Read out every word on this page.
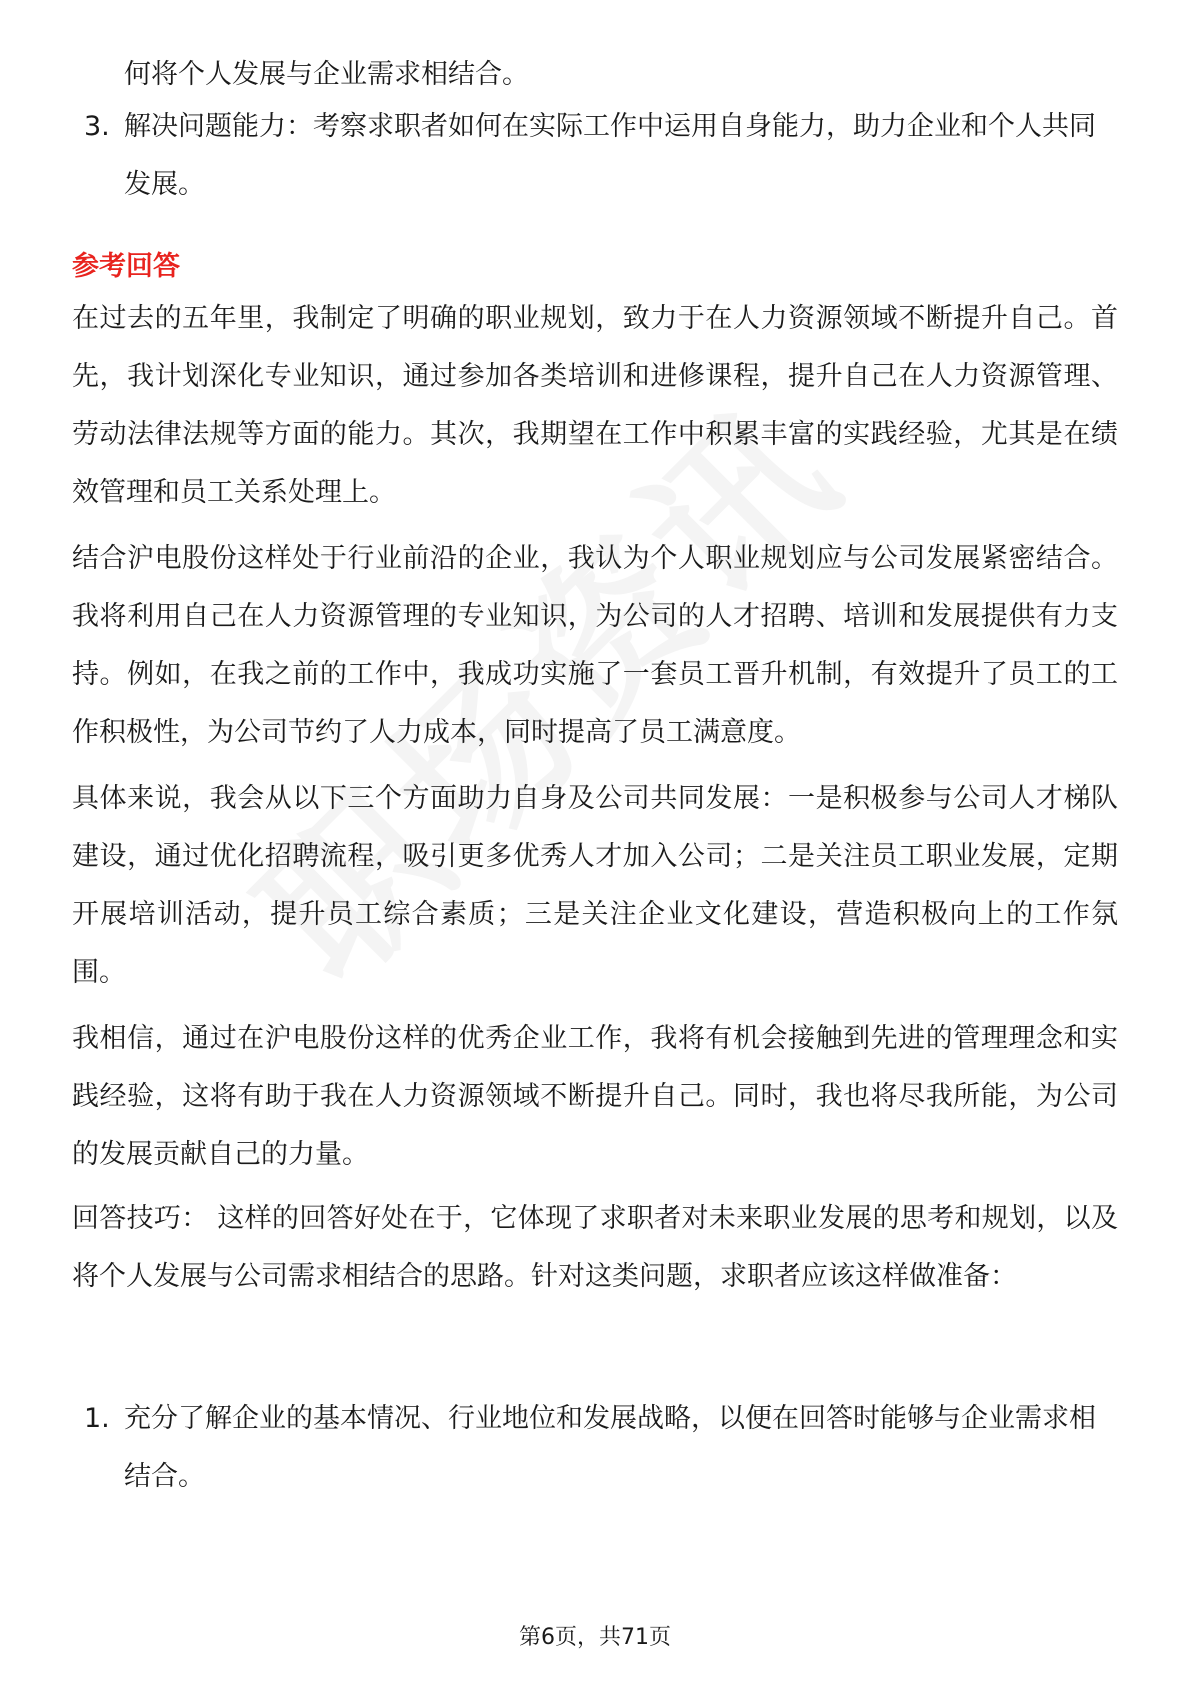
何将个人发展与企业需求相结合。

3. 解决问题能力：考察求职者如何在实际工作中运用自身能力，助力企业和个人共同发展。
参考回答

在过去的五年里，我制定了明确的职业规划，致力于在人力资源领域不断提升自己。首先，我计划深化专业知识，通过参加各类培训和进修课程，提升自己在人力资源管理、劳动法律法规等方面的能力。其次，我期望在工作中积累丰富的实践经验，尤其是在绩效管理和员工关系处理上。

结合沪电股份这样处于行业前沿的企业，我认为个人职业规划应与公司发展紧密结合。我将利用自己在人力资源管理的专业知识，为公司的人才招聘、培训和发展提供有力支持。例如，在我之前的工作中，我成功实施了一套员工晋升机制，有效提升了员工的工作积极性，为公司节约了人力成本，同时提高了员工满意度。

具体来说，我会从以下三个方面助力自身及公司共同发展：一是积极参与公司人才梯队建设，通过优化招聘流程，吸引更多优秀人才加入公司；二是关注员工职业发展，定期开展培训活动，提升员工综合素质；三是关注企业文化建设，营造积极向上的工作氛围。

我相信，通过在沪电股份这样的优秀企业工作，我将有机会接触到先进的管理理念和实践经验，这将有助于我在人力资源领域不断提升自己。同时，我也将尽我所能，为公司的发展贡献自己的力量。

回答技巧： 这样的回答好处在于，它体现了求职者对未来职业发展的思考和规划，以及将个人发展与公司需求相结合的思路。针对这类问题，求职者应该这样做准备：

1. 充分了解企业的基本情况、行业地位和发展战略，以便在回答时能够与企业需求相结合。
第6页，共71页
